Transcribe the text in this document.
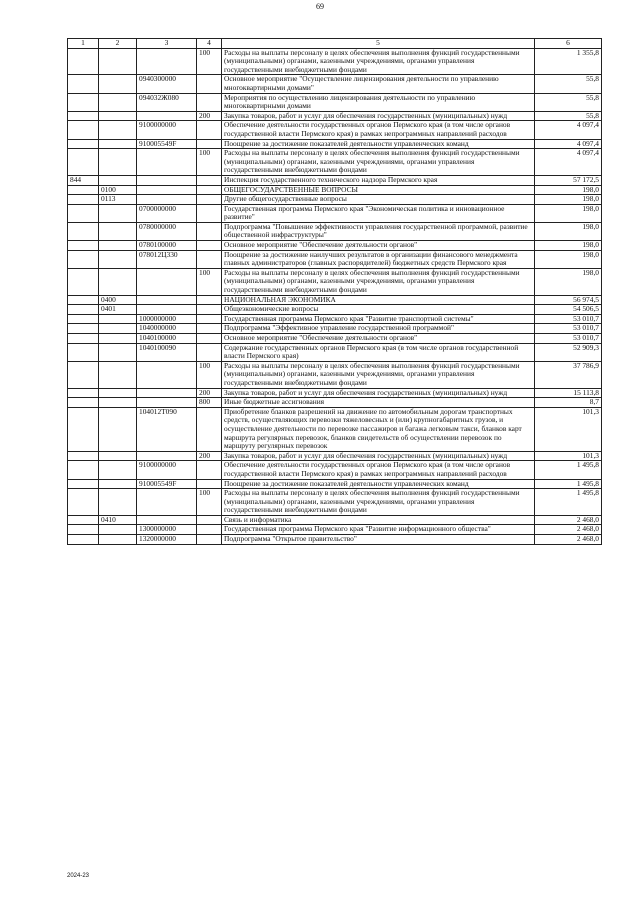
69
1	2	3	4	5	6
			100	Расходы на выплаты персоналу в целях обеспечения выполнения функций государственными (муниципальными) органами, казенными учреждениями, органами управления государственными внебюджетными фондами	1 355,8
		0940300000		Основное мероприятие "Осуществление лицензирования деятельности по управлению многоквартирными домами"	55,8
		094032Ж080		Мероприятия по осуществлению лицензирования деятельности по управлению многоквартирными домами	55,8
			200	Закупка товаров, работ и услуг для обеспечения государственных (муниципальных) нужд	55,8
		9100000000		Обеспечение деятельности государственных органов Пермского края (в том числе органов государственной власти Пермского края) в рамках непрограммных направлений расходов	4 097,4
		910005549F		Поощрение за достижение показателей деятельности управленческих команд	4 097,4
			100	Расходы на выплаты персоналу в целях обеспечения выполнения функций государственными (муниципальными) органами, казенными учреждениями, органами управления государственными внебюджетными фондами	4 097,4
844				Инспекция государственного технического надзора Пермского края	57 172,5
	0100			ОБЩЕГОСУДАРСТВЕННЫЕ ВОПРОСЫ	198,0
	0113			Другие общегосударственные вопросы	198,0
		0700000000		Государственная программа Пермского края "Экономическая политика и инновационное развитие"	198,0
		0780000000		Подпрограмма "Повышение эффективности управления государственной программой, развитие общественной инфраструктуры"	198,0
		0780100000		Основное мероприятие "Обеспечение деятельности органов"	198,0
		078012Ц330		Поощрение за достижение наилучших результатов в организации финансового менеджмента главных администраторов (главных распорядителей) бюджетных средств Пермского края	198,0
			100	Расходы на выплаты персоналу в целях обеспечения выполнения функций государственными (муниципальными) органами, казенными учреждениями, органами управления государственными внебюджетными фондами	198,0
	0400			НАЦИОНАЛЬНАЯ ЭКОНОМИКА	56 974,5
	0401			Общеэкономические вопросы	54 506,5
		1000000000		Государственная программа Пермского края "Развитие транспортной системы"	53 010,7
		1040000000		Подпрограмма "Эффективное управление государственной программой"	53 010,7
		1040100000		Основное мероприятие "Обеспечение деятельности органов"	53 010,7
		1040100090		Содержание государственных органов Пермского края (в том числе органов государственной власти Пермского края)	52 909,3
			100	Расходы на выплаты персоналу в целях обеспечения выполнения функций государственными (муниципальными) органами, казенными учреждениями, органами управления государственными внебюджетными фондами	37 786,9
			200	Закупка товаров, работ и услуг для обеспечения государственных (муниципальных) нужд	15 113,8
			800	Иные бюджетные ассигнования	8,7
		104012Т090		Приобретение бланков разрешений на движение по автомобильным дорогам транспортных средств, осуществляющих перевозки тяжеловесных и (или) крупногабаритных грузов, и осуществление деятельности по перевозке пассажиров и багажа легковым такси, бланков карт маршрута регулярных перевозок, бланков свидетельств об осуществлении перевозок по маршруту регулярных перевозок	101,3
			200	Закупка товаров, работ и услуг для обеспечения государственных (муниципальных) нужд	101,3
		9100000000		Обеспечение деятельности государственных органов Пермского края (в том числе органов государственной власти Пермского края) в рамках непрограммных направлений расходов	1 495,8
		910005549F		Поощрение за достижение показателей деятельности управленческих команд	1 495,8
			100	Расходы на выплаты персоналу в целях обеспечения выполнения функций государственными (муниципальными) органами, казенными учреждениями, органами управления государственными внебюджетными фондами	1 495,8
	0410			Связь и информатика	2 468,0
		1300000000		Государственная программа Пермского края "Развитие информационного общества"	2 468,0
		1320000000		Подпрограмма "Открытое правительство"	2 468,0
2024-23
